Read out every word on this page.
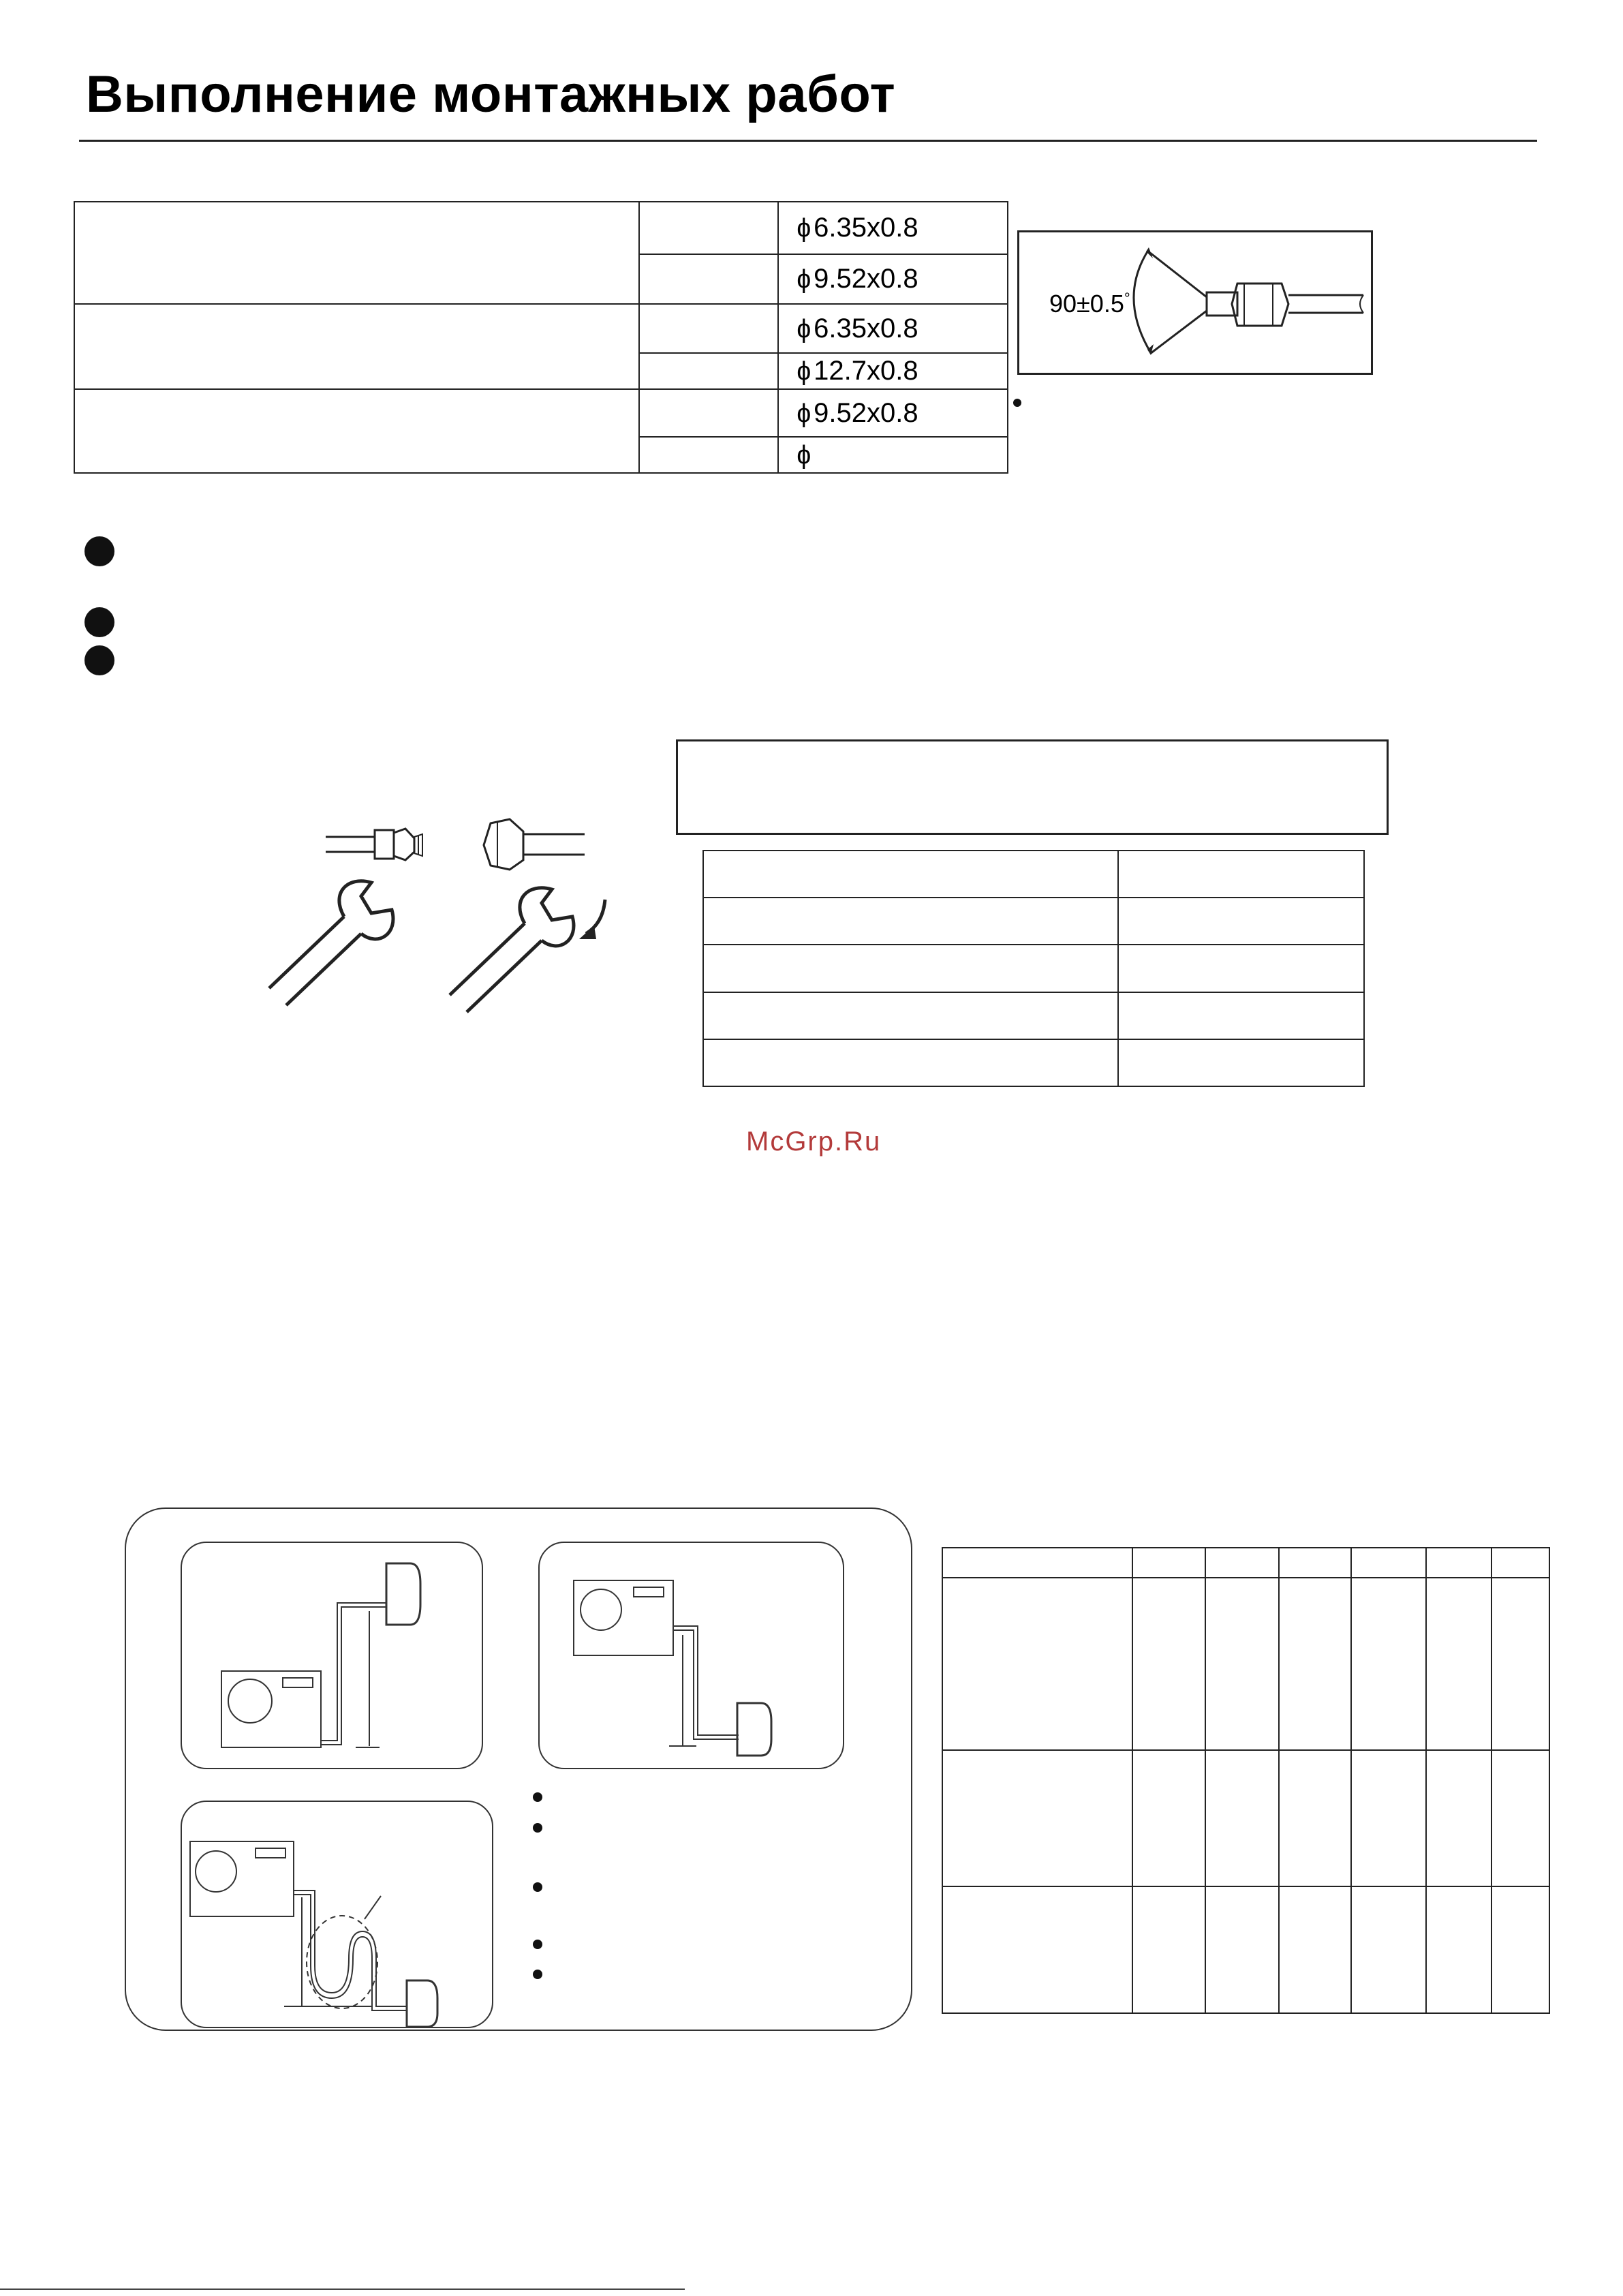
Выполнение монтажных работ
		ɸ 6.35x0.8
		ɸ 9.52x0.8
		ɸ 6.35x0.8
		ɸ 12.7x0.8
		ɸ 9.52x0.8
		ɸ
90±0.5°

McGrp.Ru
